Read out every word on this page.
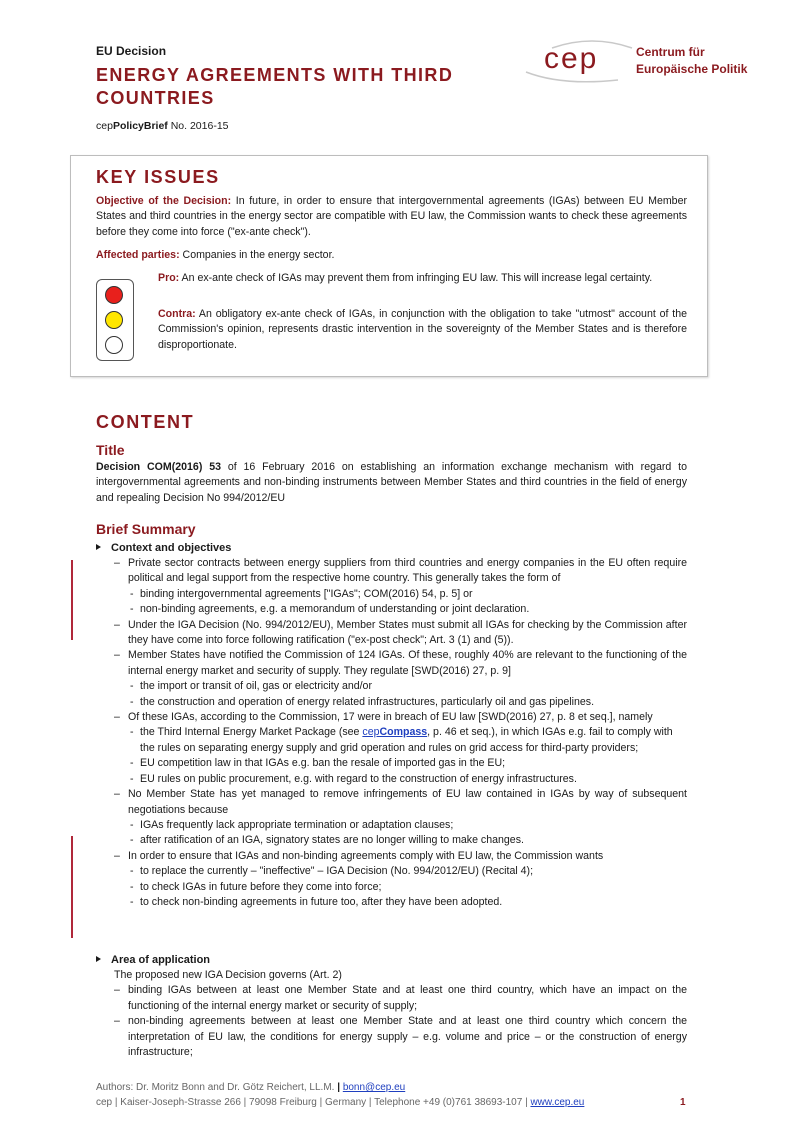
EU Decision
ENERGY AGREEMENTS WITH THIRD COUNTRIES
cepPolicyBrief No. 2016-15
cep	Centrum für
Europäische Politik
KEY ISSUES
Objective of the Decision: In future, in order to ensure that intergovernmental agreements (IGAs) between EU Member States and third countries in the energy sector are compatible with EU law, the Commission wants to check these agreements before they come into force ("ex-ante check").
Affected parties: Companies in the energy sector.
Pro: An ex-ante check of IGAs may prevent them from infringing EU law. This will increase legal certainty.
Contra: An obligatory ex-ante check of IGAs, in conjunction with the obligation to take "utmost" account of the Commission's opinion, represents drastic intervention in the sovereignty of the Member States and is therefore disproportionate.
CONTENT
Title
Decision COM(2016) 53 of 16 February 2016 on establishing an information exchange mechanism with regard to intergovernmental agreements and non-binding instruments between Member States and third countries in the field of energy and repealing Decision No 994/2012/EU
Brief Summary
Context and objectives
– Private sector contracts between energy suppliers from third countries and energy companies in the EU often require political and legal support from the respective home country. This generally takes the form of
- binding intergovernmental agreements ["IGAs"; COM(2016) 54, p. 5] or
- non-binding agreements, e.g. a memorandum of understanding or joint declaration.
– Under the IGA Decision (No. 994/2012/EU), Member States must submit all IGAs for checking by the Commission after they have come into force following ratification ("ex-post check"; Art. 3 (1) and (5)).
– Member States have notified the Commission of 124 IGAs. Of these, roughly 40% are relevant to the functioning of the internal energy market and security of supply. They regulate [SWD(2016) 27, p. 9]
- the import or transit of oil, gas or electricity and/or
- the construction and operation of energy related infrastructures, particularly oil and gas pipelines.
– Of these IGAs, according to the Commission, 17 were in breach of EU law [SWD(2016) 27, p. 8 et seq.], namely
- the Third Internal Energy Market Package (see cepCompass, p. 46 et seq.), in which IGAs e.g. fail to comply with the rules on separating energy supply and grid operation and rules on grid access for third-party providers;
- EU competition law in that IGAs e.g. ban the resale of imported gas in the EU;
- EU rules on public procurement, e.g. with regard to the construction of energy infrastructures.
– No Member State has yet managed to remove infringements of EU law contained in IGAs by way of subsequent negotiations because
- IGAs frequently lack appropriate termination or adaptation clauses;
- after ratification of an IGA, signatory states are no longer willing to make changes.
– In order to ensure that IGAs and non-binding agreements comply with EU law, the Commission wants
- to replace the currently – "ineffective" – IGA Decision (No. 994/2012/EU) (Recital 4);
- to check IGAs in future before they come into force;
- to check non-binding agreements in future too, after they have been adopted.
Area of application
The proposed new IGA Decision governs (Art. 2)
– binding IGAs between at least one Member State and at least one third country, which have an impact on the functioning of the internal energy market or security of supply;
– non-binding agreements between at least one Member State and at least one third country which concern the interpretation of EU law, the conditions for energy supply – e.g. volume and price – or the construction of energy infrastructure;
Authors: Dr. Moritz Bonn and Dr. Götz Reichert, LL.M. | bonn@cep.eu
cep | Kaiser-Joseph-Strasse 266 | 79098 Freiburg | Germany | Telephone +49 (0)761 38693-107 | www.cep.eu	1
